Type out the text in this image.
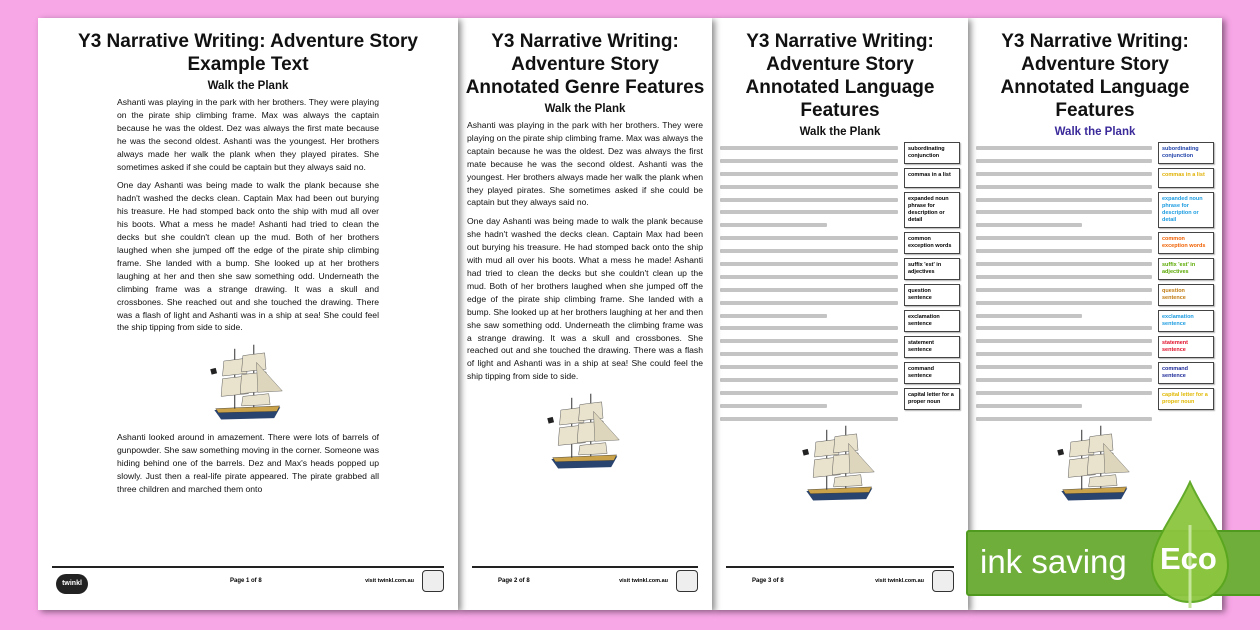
Y3 Narrative Writing: Adventure Story
Example Text
Walk the Plank
Ashanti was playing in the park with her brothers. They were playing on the pirate ship climbing frame. Max was always the captain because he was the oldest. Dez was always the first mate because he was the second oldest. Ashanti was the youngest. Her brothers always made her walk the plank when they played pirates. She sometimes asked if she could be captain but they always said no.
One day Ashanti was being made to walk the plank because she hadn't washed the decks clean. Captain Max had been out burying his treasure. He had stomped back onto the ship with mud all over his boots. What a mess he made! Ashanti had tried to clean the decks but she couldn't clean up the mud. Both of her brothers laughed when she jumped off the edge of the pirate ship climbing frame. She landed with a bump. She looked up at her brothers laughing at her and then she saw something odd. Underneath the climbing frame was a strange drawing. It was a skull and crossbones. She reached out and she touched the drawing. There was a flash of light and Ashanti was in a ship at sea! She could feel the ship tipping from side to side.
Ashanti looked around in amazement. There were lots of barrels of gunpowder. She saw something moving in the corner. Someone was hiding behind one of the barrels. Dez and Max's heads popped up slowly. Just then a real-life pirate appeared. The pirate grabbed all three children and marched them onto
twinkl	Page 1 of 8	visit twinkl.com.au
Y3 Narrative Writing: Adventure Story
Annotated Genre Features
Walk the Plank
Ashanti was playing in the park with her brothers. They were playing on the pirate ship climbing frame. Max was always the captain because he was the oldest. Dez was always the first mate because he was the second oldest. Ashanti was the youngest. Her brothers always made her walk the plank when they played pirates. She sometimes asked if she could be captain but they always said no.
One day Ashanti was being made to walk the plank because she hadn't washed the decks clean. Captain Max had been out burying his treasure. He had stomped back onto the ship with mud all over his boots. What a mess he made! Ashanti had tried to clean the decks but she couldn't clean up the mud. Both of her brothers laughed when she jumped off the edge of the pirate ship climbing frame. She landed with a bump. She looked up at her brothers laughing at her and then she saw something odd. Underneath the climbing frame was a strange drawing. It was a skull and crossbones. She reached out and she touched the drawing. There was a flash of light and Ashanti was in a ship at sea! She could feel the ship tipping from side to side.
Page 2 of 8	visit twinkl.com.au
Y3 Narrative Writing: Adventure Story
Annotated Language Features
Walk the Plank
subordinating conjunction
commas in a list
expanded noun phrase for description or detail
common exception words
suffix 'est' in adjectives
question sentence
exclamation sentence
statement sentence
command sentence
capital letter for a proper noun
Page 3 of 8	visit twinkl.com.au
Y3 Narrative Writing: Adventure Story
Annotated Language Features
Walk the Plank
subordinating conjunction
commas in a list
expanded noun phrase for description or detail
common exception words
suffix 'est' in adjectives
question sentence
exclamation sentence
statement sentence
command sentence
capital letter for a proper noun
ink saving Eco
